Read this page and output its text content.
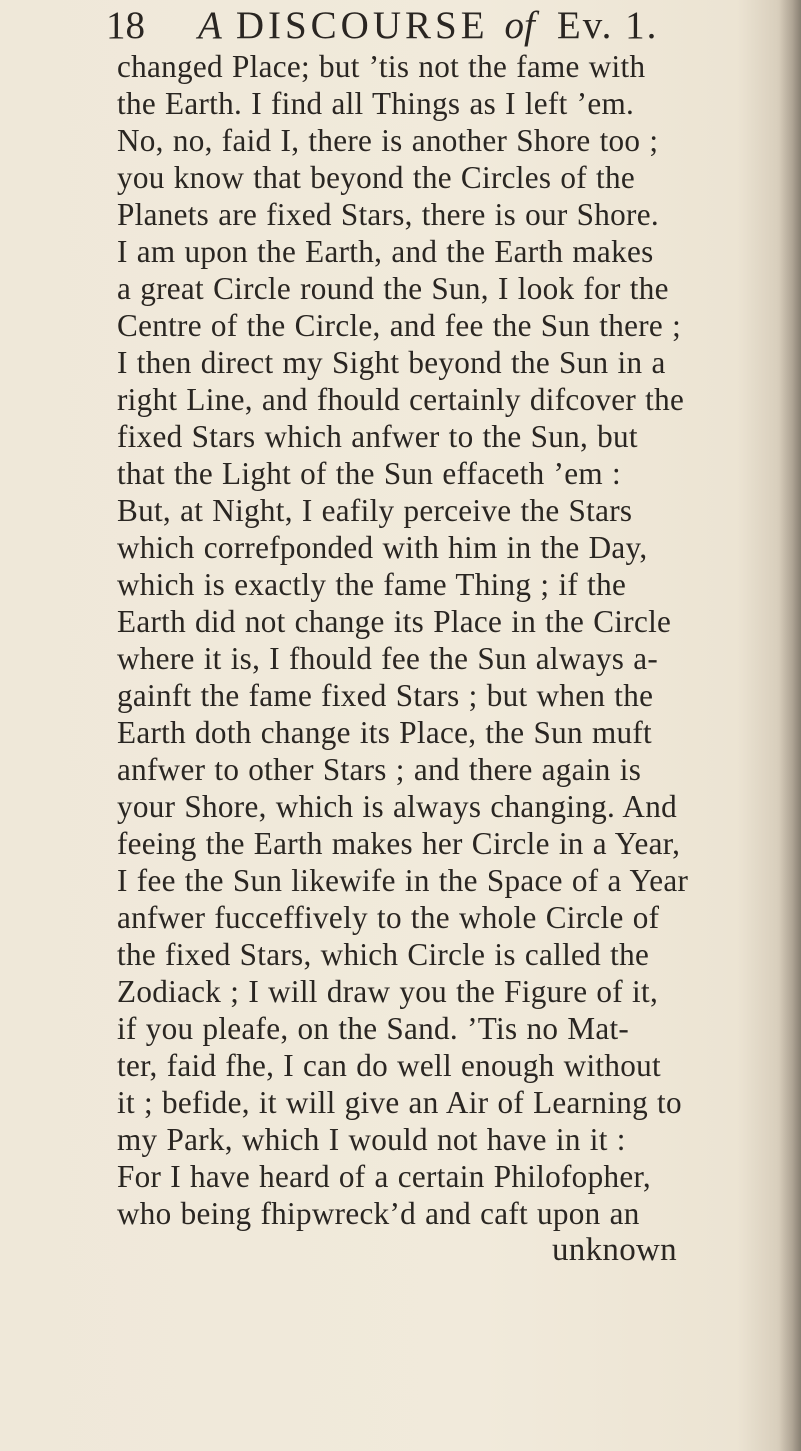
18	A DISCOURSE of Ev. 1.
changed Place; but ’tis not the fame with
the Earth. I find all Things as I left ’em.
No, no, faid I, there is another Shore too ;
you know that beyond the Circles of the
Planets are fixed Stars, there is our Shore.
I am upon the Earth, and the Earth makes
a great Circle round the Sun, I look for the
Centre of the Circle, and fee the Sun there ;
I then direct my Sight beyond the Sun in a
right Line, and fhould certainly difcover the
fixed Stars which anfwer to the Sun, but
that the Light of the Sun effaceth ’em :
But, at Night, I eafily perceive the Stars
which correfponded with him in the Day,
which is exactly the fame Thing ; if the
Earth did not change its Place in the Circle
where it is, I fhould fee the Sun always a-
gainft the fame fixed Stars ; but when the
Earth doth change its Place, the Sun muft
anfwer to other Stars ; and there again is
your Shore, which is always changing. And
feeing the Earth makes her Circle in a Year,
I fee the Sun likewife in the Space of a Year
anfwer fucceffively to the whole Circle of
the fixed Stars, which Circle is called the
Zodiack ; I will draw you the Figure of it,
if you pleafe, on the Sand. ’Tis no Mat-
ter, faid fhe, I can do well enough without
it ; befide, it will give an Air of Learning to
my Park, which I would not have in it :
For I have heard of a certain Philofopher,
who being fhipwreck’d and caft upon an
unknown
